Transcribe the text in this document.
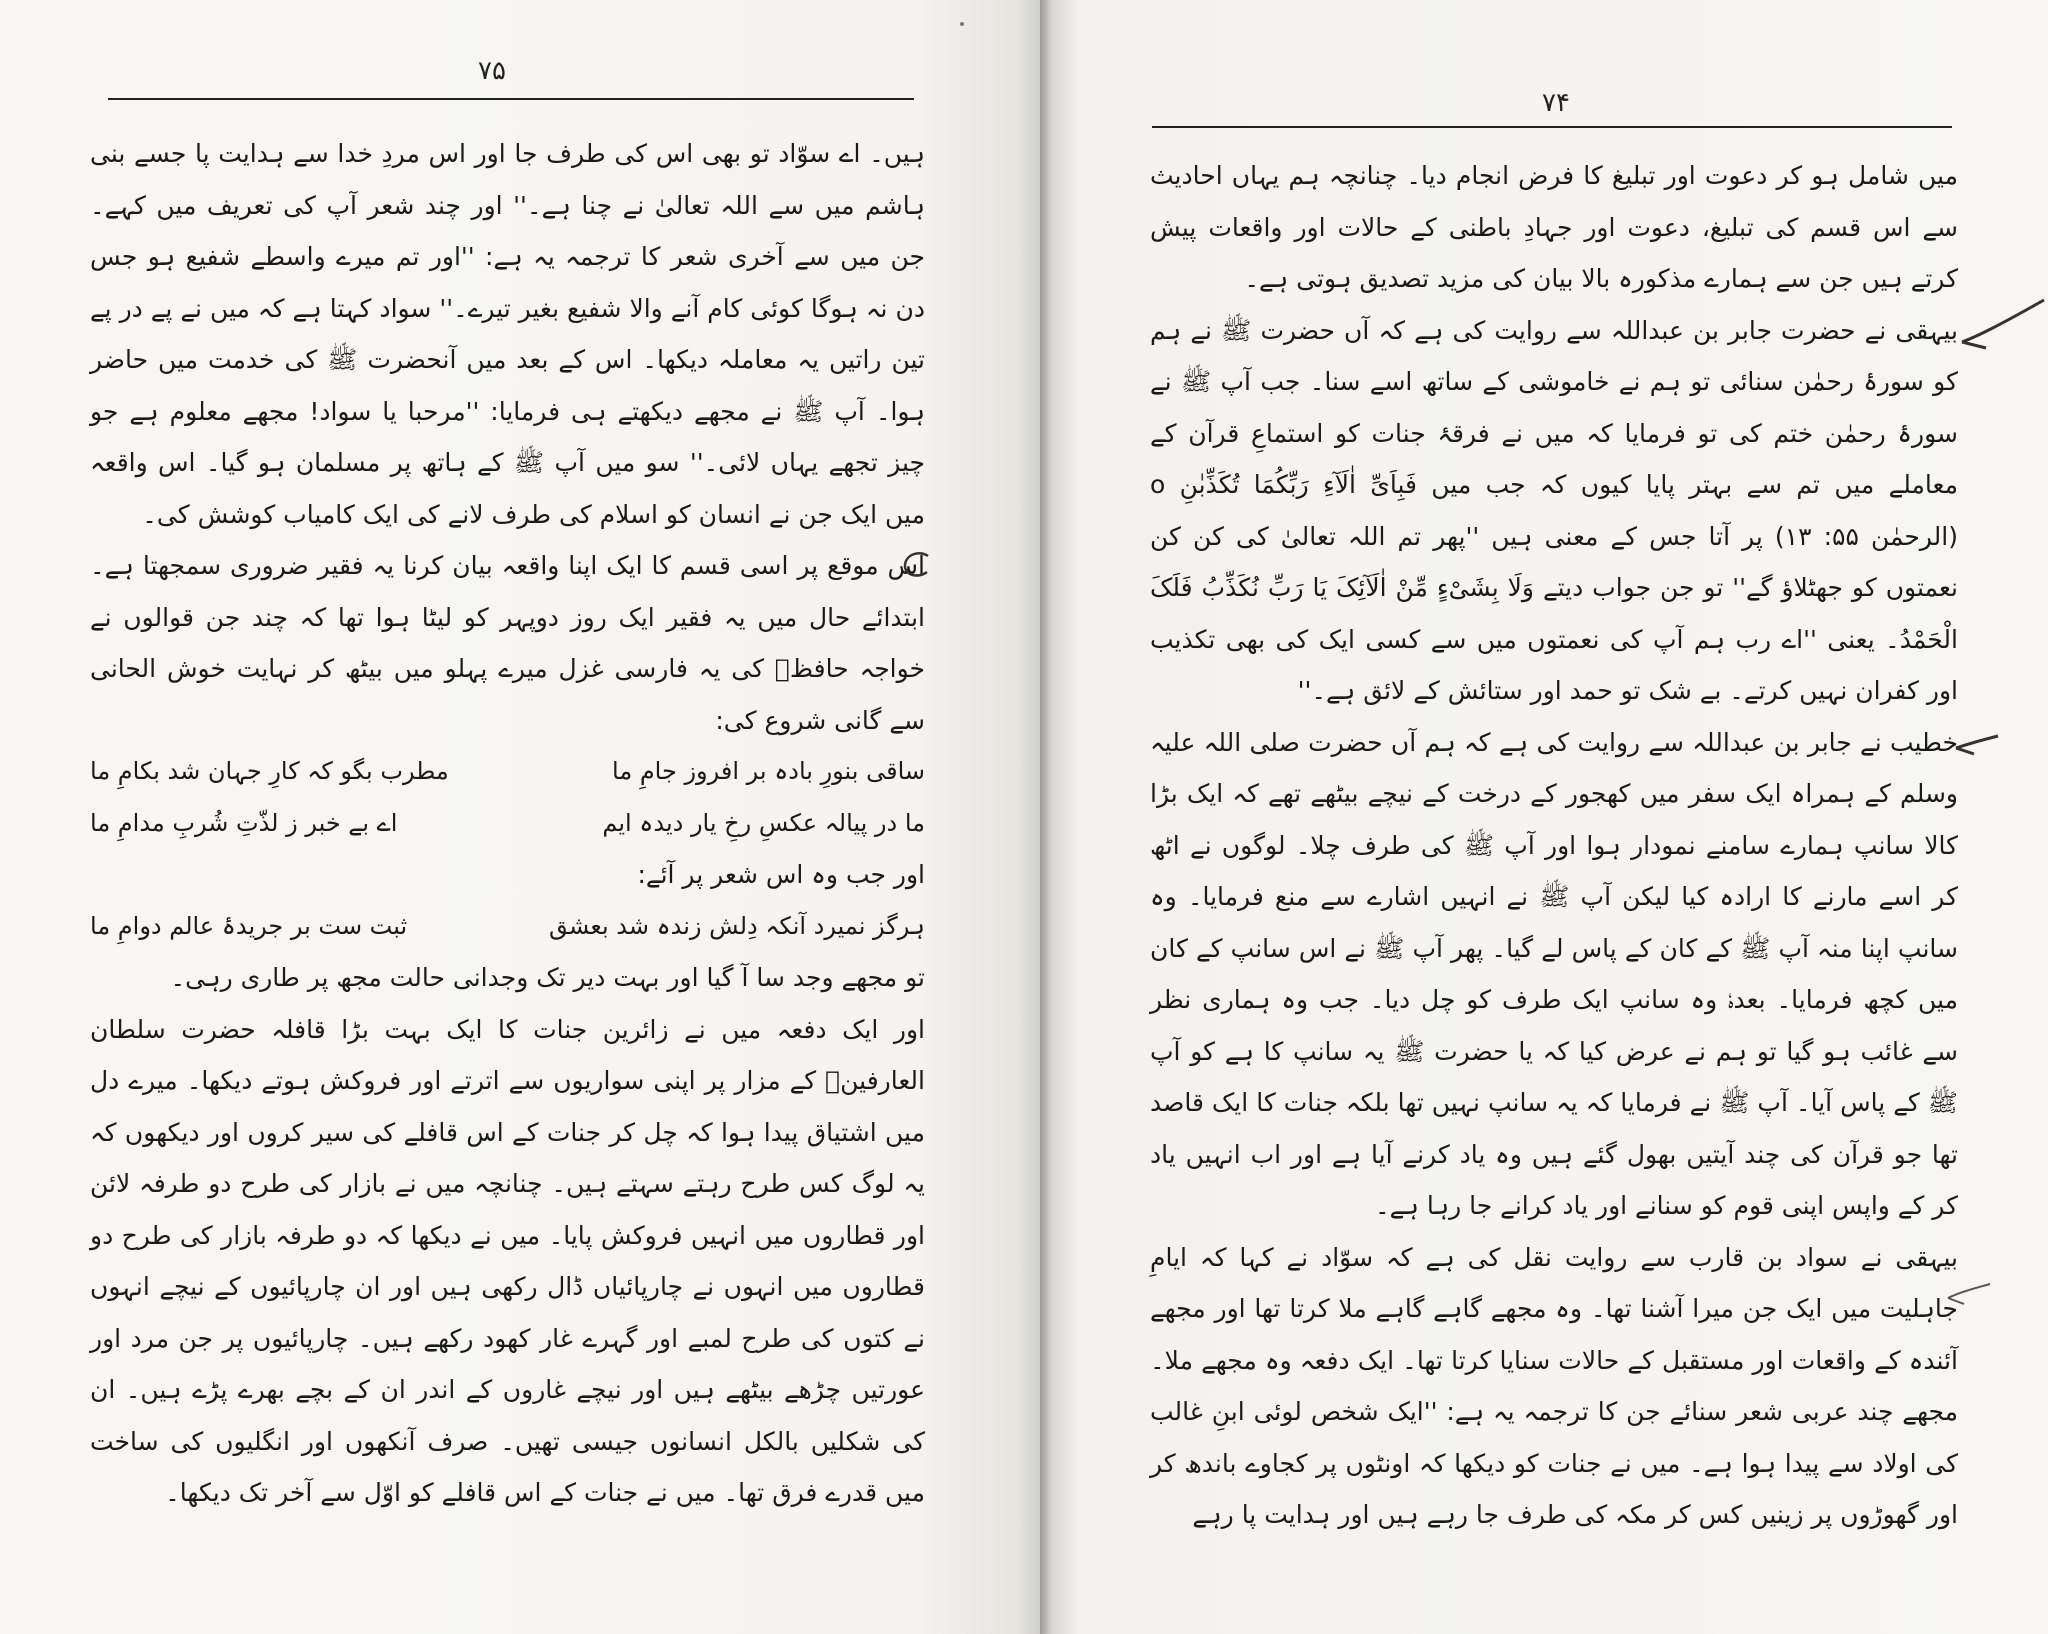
۷۵

ہیں۔ اے سوّاد تو بھی اس کی طرف جا اور اس مردِ خدا سے ہدایت پا جسے بنی ہاشم میں سے اللہ تعالیٰ نے چنا ہے۔'' اور چند شعر آپ کی تعریف میں کہے۔ جن میں سے آخری شعر کا ترجمہ یہ ہے: ''اور تم میرے واسطے شفیع ہو جس دن نہ ہوگا کوئی کام آنے والا شفیع بغیر تیرے۔'' سواد کہتا ہے کہ میں نے پے در پے تین راتیں یہ معاملہ دیکھا۔ اس کے بعد میں آنحضرت ﷺ کی خدمت میں حاضر ہوا۔ آپ ﷺ نے مجھے دیکھتے ہی فرمایا: ''مرحبا یا سواد! مجھے معلوم ہے جو چیز تجھے یہاں لائی۔'' سو میں آپ ﷺ کے ہاتھ پر مسلمان ہو گیا۔ اس واقعہ میں ایک جن نے انسان کو اسلام کی طرف لانے کی ایک کامیاب کوشش کی۔

اس موقع پر اسی قسم کا ایک اپنا واقعہ بیان کرنا یہ فقیر ضروری سمجھتا ہے۔ ابتدائے حال میں یہ فقیر ایک روز دوپہر کو لیٹا ہوا تھا کہ چند جن قوالوں نے خواجہ حافظؒ کی یہ فارسی غزل میرے پہلو میں بیٹھ کر نہایت خوش الحانی سے گانی شروع کی:

ساقی بنورِ بادہ بر افروز جامِ ما
مطرب بگو کہ کارِ جہان شد بکامِ ما
ما در پیالہ عکسِ رخِ یار دیدہ ایم
اے بے خبر ز لذّتِ شُربِ مدامِ ما

اور جب وہ اس شعر پر آئے:

ہرگز نمیرد آنکہ دِلش زندہ شد بعشق
ثبت ست بر جریدۂ عالم دوامِ ما

تو مجھے وجد سا آ گیا اور بہت دیر تک وجدانی حالت مجھ پر طاری رہی۔

اور ایک دفعہ میں نے زائرین جنات کا ایک بہت بڑا قافلہ حضرت سلطان العارفینؒ کے مزار پر اپنی سواریوں سے اترتے اور فروکش ہوتے دیکھا۔ میرے دل میں اشتیاق پیدا ہوا کہ چل کر جنات کے اس قافلے کی سیر کروں اور دیکھوں کہ یہ لوگ کس طرح رہتے سہتے ہیں۔ چنانچہ میں نے بازار کی طرح دو طرفہ لائن اور قطاروں میں انہیں فروکش پایا۔ میں نے دیکھا کہ دو طرفہ بازار کی طرح دو قطاروں میں انہوں نے چارپائیاں ڈال رکھی ہیں اور ان چارپائیوں کے نیچے انہوں نے کتوں کی طرح لمبے اور گہرے غار کھود رکھے ہیں۔ چارپائیوں پر جن مرد اور عورتیں چڑھے بیٹھے ہیں اور نیچے غاروں کے اندر ان کے بچے بھرے پڑے ہیں۔ ان کی شکلیں بالکل انسانوں جیسی تھیں۔ صرف آنکھوں اور انگلیوں کی ساخت میں قدرے فرق تھا۔ میں نے جنات کے اس قافلے کو اوّل سے آخر تک دیکھا۔

۷۴

میں شامل ہو کر دعوت اور تبلیغ کا فرض انجام دیا۔ چنانچہ ہم یہاں احادیث سے اس قسم کی تبلیغ، دعوت اور جہادِ باطنی کے حالات اور واقعات پیش کرتے ہیں جن سے ہمارے مذکورہ بالا بیان کی مزید تصدیق ہوتی ہے۔

بیہقی نے حضرت جابر بن عبداللہ سے روایت کی ہے کہ آں حضرت ﷺ نے ہم کو سورۂ رحمٰن سنائی تو ہم نے خاموشی کے ساتھ اسے سنا۔ جب آپ ﷺ نے سورۂ رحمٰن ختم کی تو فرمایا کہ میں نے فرقۂ جنات کو استماعِ قرآن کے معاملے میں تم سے بہتر پایا کیوں کہ جب میں فَبِاَیِّ اٰلَآءِ رَبِّکُمَا تُکَذِّبٰنِ o (الرحمٰن ۵۵: ۱۳) پر آتا جس کے معنی ہیں ''پھر تم اللہ تعالیٰ کی کن کن نعمتوں کو جھٹلاؤ گے'' تو جن جواب دیتے وَلَا بِشَیْءٍ مِّنْ اٰلَآئِکَ یَا رَبِّ نُکَذِّبُ فَلَکَ الْحَمْدُ۔ یعنی ''اے رب ہم آپ کی نعمتوں میں سے کسی ایک کی بھی تکذیب اور کفران نہیں کرتے۔ بے شک تو حمد اور ستائش کے لائق ہے۔''

خطیب نے جابر بن عبداللہ سے روایت کی ہے کہ ہم آں حضرت صلی اللہ علیہ وسلم کے ہمراہ ایک سفر میں کھجور کے درخت کے نیچے بیٹھے تھے کہ ایک بڑا کالا سانپ ہمارے سامنے نمودار ہوا اور آپ ﷺ کی طرف چلا۔ لوگوں نے اٹھ کر اسے مارنے کا ارادہ کیا لیکن آپ ﷺ نے انہیں اشارے سے منع فرمایا۔ وہ سانپ اپنا منہ آپ ﷺ کے کان کے پاس لے گیا۔ پھر آپ ﷺ نے اس سانپ کے کان میں کچھ فرمایا۔ بعدہٗ وہ سانپ ایک طرف کو چل دیا۔ جب وہ ہماری نظر سے غائب ہو گیا تو ہم نے عرض کیا کہ یا حضرت ﷺ یہ سانپ کا ہے کو آپ ﷺ کے پاس آیا۔ آپ ﷺ نے فرمایا کہ یہ سانپ نہیں تھا بلکہ جنات کا ایک قاصد تھا جو قرآن کی چند آیتیں بھول گئے ہیں وہ یاد کرنے آیا ہے اور اب انہیں یاد کر کے واپس اپنی قوم کو سنانے اور یاد کرانے جا رہا ہے۔

بیہقی نے سواد بن قارب سے روایت نقل کی ہے کہ سوّاد نے کہا کہ ایامِ جاہلیت میں ایک جن میرا آشنا تھا۔ وہ مجھے گاہے گاہے ملا کرتا تھا اور مجھے آئندہ کے واقعات اور مستقبل کے حالات سنایا کرتا تھا۔ ایک دفعہ وہ مجھے ملا۔ مجھے چند عربی شعر سنائے جن کا ترجمہ یہ ہے: ''ایک شخص لوئی ابنِ غالب کی اولاد سے پیدا ہوا ہے۔ میں نے جنات کو دیکھا کہ اونٹوں پر کجاوے باندھ کر اور گھوڑوں پر زینیں کس کر مکہ کی طرف جا رہے ہیں اور ہدایت پا رہے
